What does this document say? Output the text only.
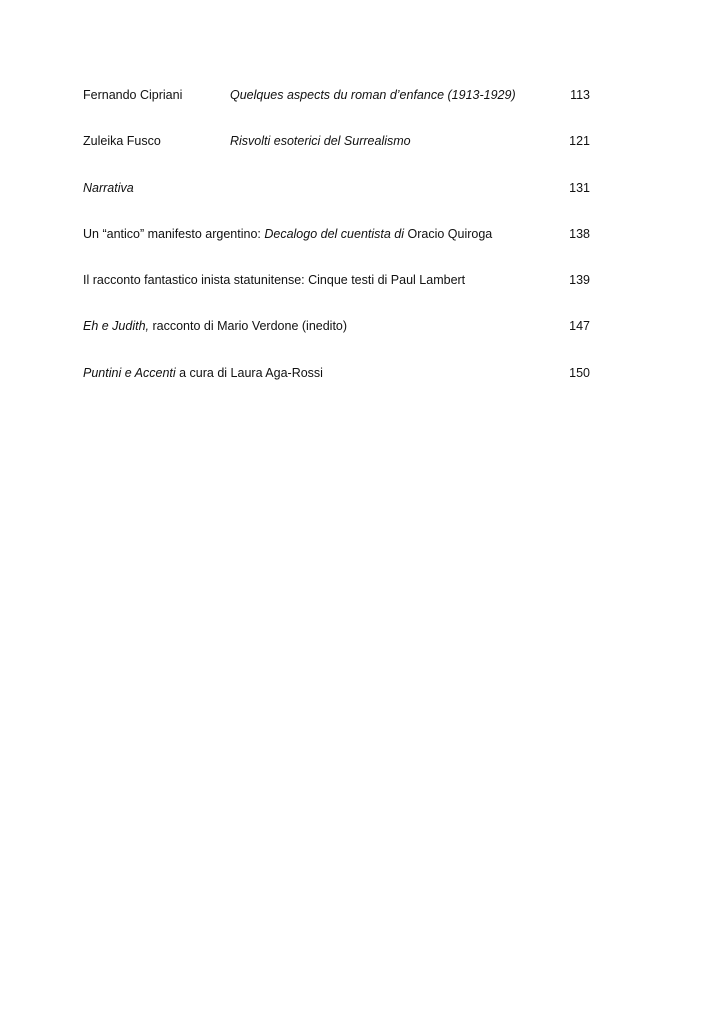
Fernando Cipriani	Quelques aspects du roman d’enfance (1913-1929)	113
Zuleika Fusco	Risvolti esoterici del Surrealismo	121
Narrativa	131
Un “antico” manifesto argentino: Decalogo del cuentista di Oracio Quiroga	138
Il racconto fantastico inista statunitense: Cinque testi di Paul Lambert	139
Eh e Judith, racconto di Mario Verdone (inedito)	147
Puntini e Accenti a cura di Laura Aga-Rossi	150
